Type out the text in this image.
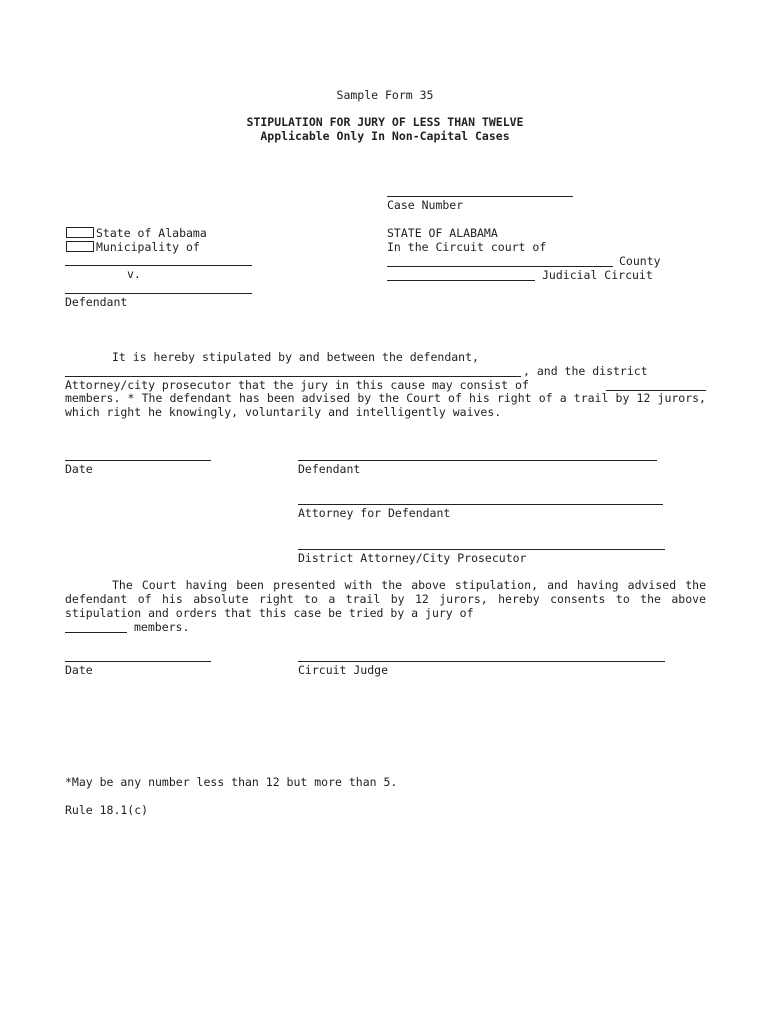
Sample Form 35
STIPULATION FOR JURY OF LESS THAN TWELVE
Applicable Only In Non-Capital Cases
Case Number
State of Alabama
Municipality of
v.
Defendant
STATE OF ALABAMA
In the Circuit court of
County
Judicial Circuit
It is hereby stipulated by and between the defendant,
, and the district
Attorney/city prosecutor that the jury in this cause may consist of
members. * The defendant has been advised by the Court of his right of a trail by 12 jurors, which right he knowingly, voluntarily and intelligently waives.
Date	Defendant
Attorney for Defendant
District Attorney/City Prosecutor
The Court having been presented with the above stipulation, and having advised the defendant of his absolute right to a trail by 12 jurors, hereby consents to the above stipulation and orders that this case be tried by a jury of
members.
Date	Circuit Judge
*May be any number less than 12 but more than 5.
Rule 18.1(c)
